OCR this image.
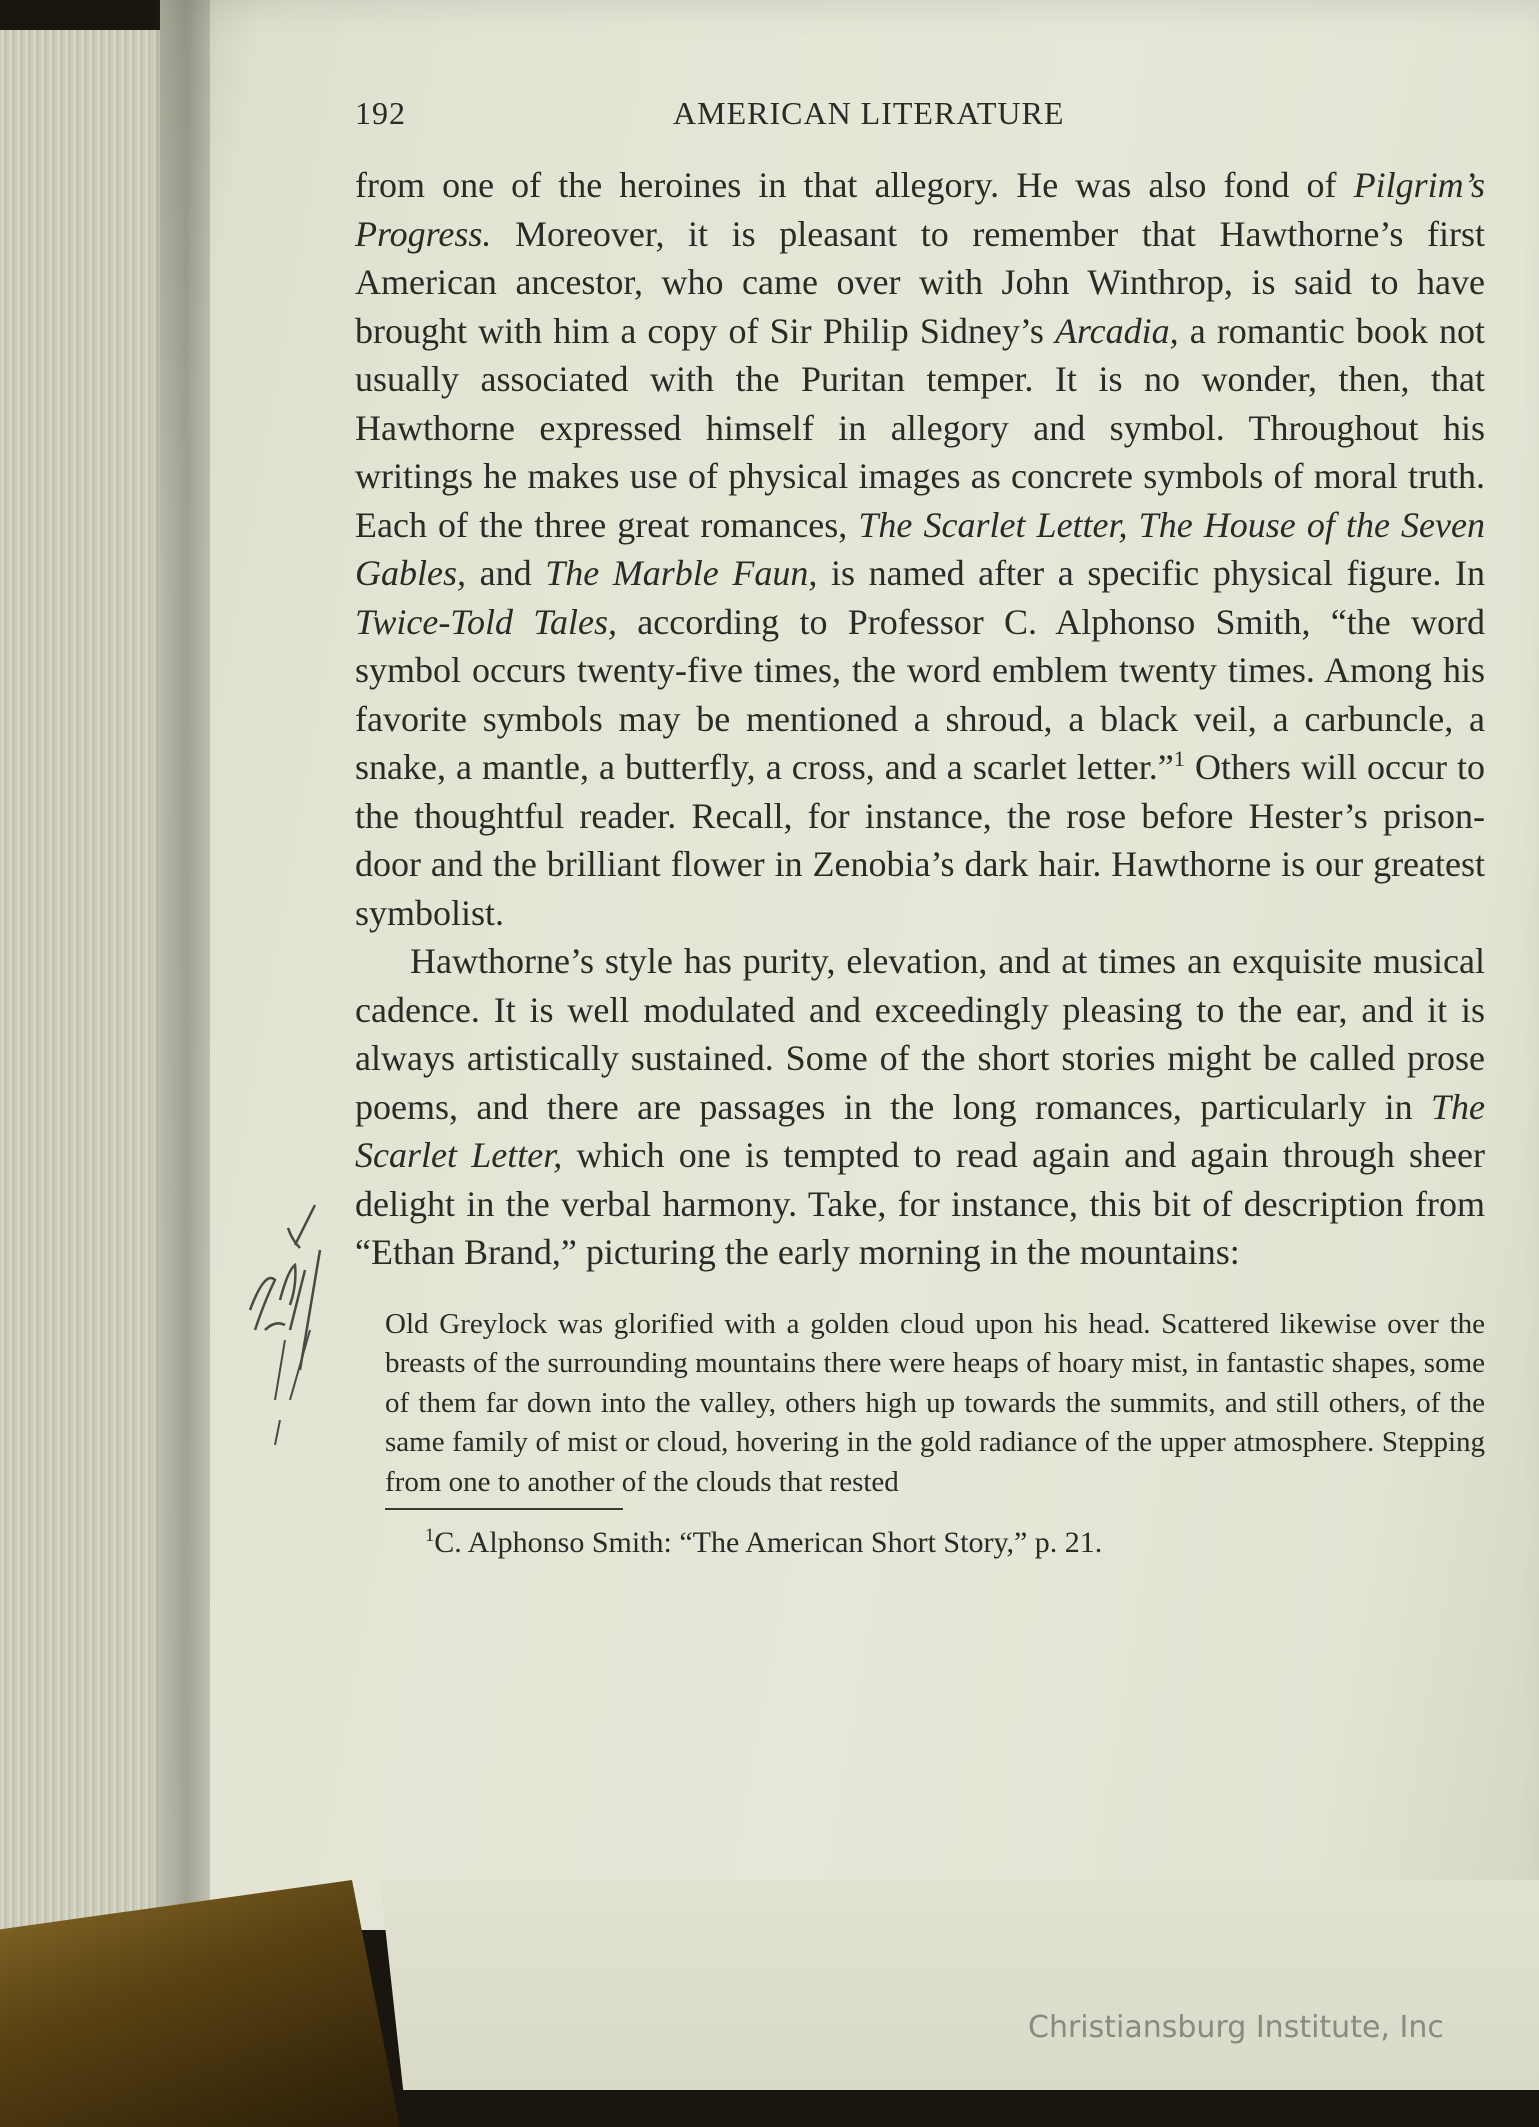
192	AMERICAN LITERATURE

from one of the heroines in that allegory. He was also fond of Pilgrim’s Progress. Moreover, it is pleasant to remember that Hawthorne’s first American ancestor, who came over with John Winthrop, is said to have brought with him a copy of Sir Philip Sidney’s Arcadia, a romantic book not usually associated with the Puritan temper. It is no wonder, then, that Hawthorne expressed himself in allegory and symbol. Throughout his writings he makes use of physical images as concrete symbols of moral truth. Each of the three great romances, The Scarlet Letter, The House of the Seven Gables, and The Marble Faun, is named after a specific physical figure. In Twice-Told Tales, according to Professor C. Alphonso Smith, “the word symbol occurs twenty-five times, the word emblem twenty times. Among his favorite symbols may be mentioned a shroud, a black veil, a carbuncle, a snake, a mantle, a butterfly, a cross, and a scarlet letter.”$^1$ Others will occur to the thoughtful reader. Recall, for instance, the rose before Hester’s prison-door and the brilliant flower in Zenobia’s dark hair. Hawthorne is our greatest symbolist.

Hawthorne’s style has purity, elevation, and at times an exquisite musical cadence. It is well modulated and exceedingly pleasing to the ear, and it is always artistically sustained. Some of the short stories might be called prose poems, and there are passages in the long romances, particularly in The Scarlet Letter, which one is tempted to read again and again through sheer delight in the verbal harmony. Take, for instance, this bit of description from “Ethan Brand,” picturing the early morning in the mountains:

Old Greylock was glorified with a golden cloud upon his head. Scattered likewise over the breasts of the surrounding mountains there were heaps of hoary mist, in fantastic shapes, some of them far down into the valley, others high up towards the summits, and still others, of the same family of mist or cloud, hovering in the gold radiance of the upper atmosphere. Stepping from one to another of the clouds that rested
$^1$C. Alphonso Smith: “The American Short Story,” p. 21.
Christiansburg Institute, Inc
